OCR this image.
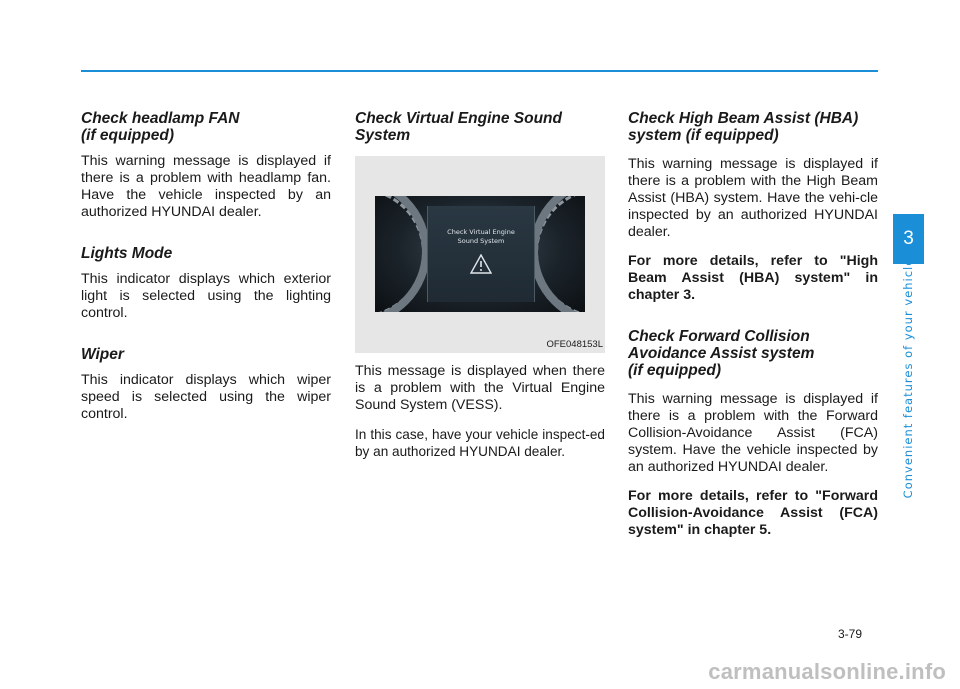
Check headlamp FAN
(if equipped)

This warning message is displayed if there is a problem with headlamp fan. Have the vehicle inspected by an authorized HYUNDAI dealer.

Lights Mode

This indicator displays which exterior light is selected using the lighting control.

Wiper

This indicator displays which wiper speed is selected using the wiper control.

Check Virtual Engine Sound
System
Check Virtual Engine
Sound System
OFE048153L

This message is displayed when there is a problem with the Virtual Engine Sound System (VESS).

In this case, have your vehicle inspect-ed by an authorized HYUNDAI dealer.

Check High Beam Assist (HBA)
system (if equipped)

This warning message is displayed if there is a problem with the High Beam Assist (HBA) system. Have the vehi-cle inspected by an authorized HYUNDAI dealer.

For more details, refer to "High Beam Assist (HBA) system" in chapter 3.

Check Forward Collision
Avoidance Assist system
(if equipped)

This warning message is displayed if there is a problem with the Forward Collision-Avoidance Assist (FCA) system. Have the vehicle inspected by an authorized HYUNDAI dealer.

For more details, refer to "Forward Collision-Avoidance Assist (FCA) system" in chapter 5.

3
Convenient features of your vehicle
3-79
carmanualsonline.info
